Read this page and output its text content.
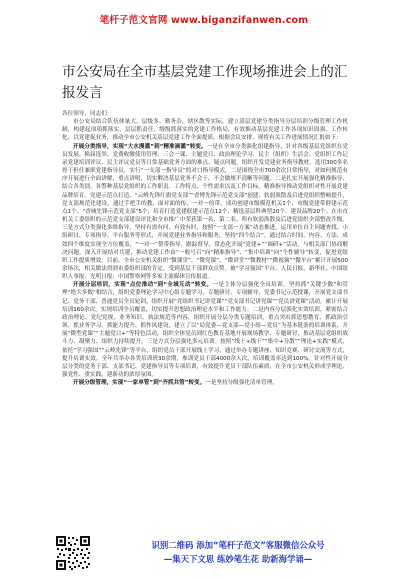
笔杆子范文官网 www.biganzifanwen.com
市公安局在全市基层党建工作现场推进会上的汇报发言

各位领导，同志们：

市公安局结合队伍体量大、层级多、勤务杂，辖区散等实际，建立基层党建分类指导分层培训分级管理工作机制，构建起项项抓落实、层层抓责任、级级抓落实的党建工作格局，有效推动基层党建工作各项知识固强、工作转化、以党建促业务，推动全市公安机关基层党建工作全面提质。根据会议安排，现将有关工作进展情况汇报如下：

开展分类指导，实现“大水漫灌”到“精准滴灌”转变。一是在全市分类强化组建指导，针对各级基层党组织在党员发展、换届选举、党费收缴使用管理、三会一课、主题党日、政治理论学习、民主（组织）生活会、党组织工作记录党建培训评议、民主评议党员等日常基础党务方面的难点、疑点问题，组织开发党建业务指导教材，选用300多名骨干担任兼职党建指导员，实行“一支部一指导员”的对口指导模式。二是围绕全市700余次日常指导，对如何规范有序开展进行全面讲解，重点讲明，切实解决基层党务不会干、不会做规不清晰等问题。二是扎实开展强化精准指导，结合各类别、各警种基层党组织的工作职责、工作特点、个性需求以及工作目标，精准指导推动党组织对性开展党建品牌培育。党建示范点打造、“云岭先锋红旗党支部”“香博先锋示范党支部”创建、软弱涣散及后进党组织整顿提升，党支部规范化建设、通过手把手的教、面对面的传，一对一的带，成功创建市级模范机关1个、市级党建带群建示范点1个、“香城先锋示范党支部”5个，培育打造党建联建示范点12个、精选基层科典型20个、建设品牌20个。在市直机关工委组织的示范党支部建设评比和全市推广中荣获第一名、第二名。所有软弱涣散及后进党组织全部整改升级。三是方式分类强化多维指导，坚持有需有问、有效有时，按照“一支部一方案”动态推进，运用单位自主问题查找、小组研讨、专项指导、平台服务等形式，开展党建业务指导和服务，坚持“四个结合”，通过结合时间、内容、方法、成效四个维度实现全方位覆盖，“一对一”帮带指导、跟踪督导，常态化开展“党建+”“调研+”活动，与相关部门协商解决问题，深入开展结对共建，推动党建工作由“一般号召”向“精准指导”、“集中培训”向“个性辅导”转变，促进党组织工作提质增效。目前，全市公安机关组织“微课堂”、“微党课”、“微讲堂”“微教材”“微视频”“微平台”累计开展500余场次，相关做法得到市委组织部的肯定，受到基层干部群众点赞，被“学习强国”平台、人民日报、新华社、中国组织人事报、光明日报、中国警察网等多家主流媒体宣传报道。

开展分层培训，实现“点位推动”到“全域互动”转变。一是主体分层强化全员培训。坚持抓“关键少数”和管理“绝大多数”相结合，组织党委理论学习中心组专题学习、专题研讨、专项辅导，党委书记示范授课，开展党支部书记、党务干部、普通党员全员轮训，组织开展“党组织书记讲党课”“党支部书记讲党课”“党员讲党课”活动，累计开展培训160余次，实现培训全员覆盖，切实提升思想政治理论水平和工作能力。二是内容分层强化实效培训。紧密结合政治理论、党纪党规、业务知识、执法规范等内容，组织开展分层分类专题培训，重点突出抓思想教育、抓政治引领、抓业务学习、抓能力提升、抓作风建设，建立了以“局党委—党支部—党小组—党员”为基本链条的培训体系，开展“微型党课”“主题党日+”等特色活动，组织全体党员到红色教育基地开展现场教学、专题研讨，推动基层党组织战斗力、凝聚力、组织力持续提升。三是方式分层强化多元培训。按照“线上+线下”“集中+分散”“理论+实践”模式，依托“学习强国”“云岭先锋”等平台，组织党员干部开展线上学习，通过举办专题讲座、知识竞赛、研讨交流等方式，提升培训实效。全年共举办各类培训班30余期，参训党员干部4000余人次，培训覆盖率达到100%。针对性开展分层分类的党务干部、支部书记、党建指导员等专项培训，有效提升党员干部队伍素质，在全市公安机关形成学理论、强党性、重实践、建新功的浓厚氛围。

开展分级管理，实现“一家单管”到“齐抓共管”转变。一是坚持分级强化清单管理。

识别二维码 添加“笔杆子范文”客服微信公众号
—集天下文思 练妙笔生花 助新海学诵—
